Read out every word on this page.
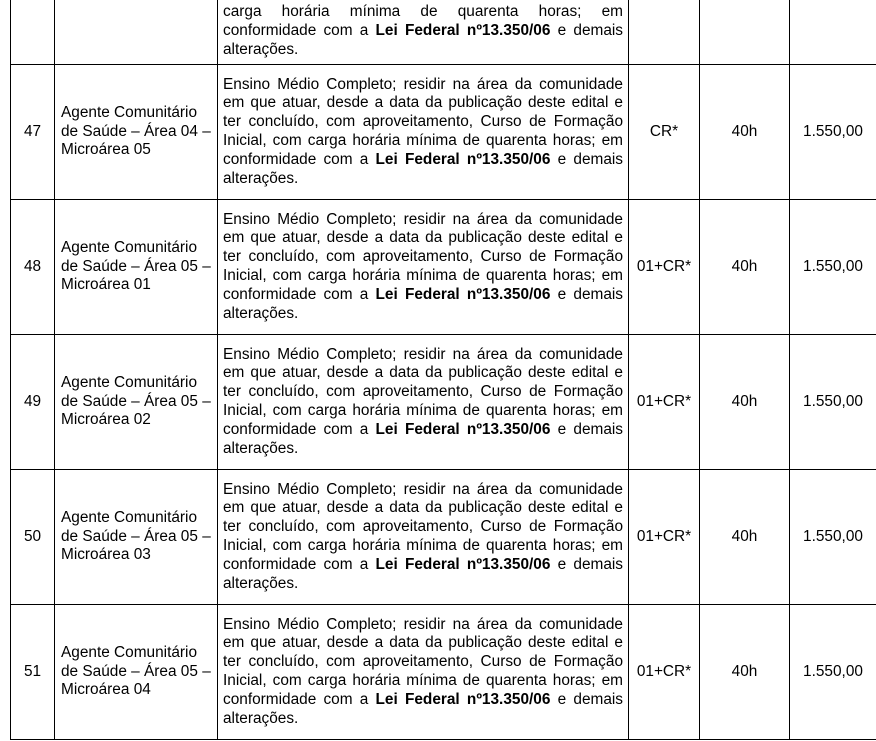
		carga horária mínima de quarenta horas; em conformidade com a Lei Federal nº13.350/06 e demais alterações.			
47	Agente Comunitário de Saúde – Área 04 – Microárea 05	Ensino Médio Completo; residir na área da comunidade em que atuar, desde a data da publicação deste edital e ter concluído, com aproveitamento, Curso de Formação Inicial, com carga horária mínima de quarenta horas; em conformidade com a Lei Federal nº13.350/06 e demais alterações.	CR*	40h	1.550,00
48	Agente Comunitário de Saúde – Área 05 – Microárea 01	Ensino Médio Completo; residir na área da comunidade em que atuar, desde a data da publicação deste edital e ter concluído, com aproveitamento, Curso de Formação Inicial, com carga horária mínima de quarenta horas; em conformidade com a Lei Federal nº13.350/06 e demais alterações.	01+CR*	40h	1.550,00
49	Agente Comunitário de Saúde – Área 05 – Microárea 02	Ensino Médio Completo; residir na área da comunidade em que atuar, desde a data da publicação deste edital e ter concluído, com aproveitamento, Curso de Formação Inicial, com carga horária mínima de quarenta horas; em conformidade com a Lei Federal nº13.350/06 e demais alterações.	01+CR*	40h	1.550,00
50	Agente Comunitário de Saúde – Área 05 – Microárea 03	Ensino Médio Completo; residir na área da comunidade em que atuar, desde a data da publicação deste edital e ter concluído, com aproveitamento, Curso de Formação Inicial, com carga horária mínima de quarenta horas; em conformidade com a Lei Federal nº13.350/06 e demais alterações.	01+CR*	40h	1.550,00
51	Agente Comunitário de Saúde – Área 05 – Microárea 04	Ensino Médio Completo; residir na área da comunidade em que atuar, desde a data da publicação deste edital e ter concluído, com aproveitamento, Curso de Formação Inicial, com carga horária mínima de quarenta horas; em conformidade com a Lei Federal nº13.350/06 e demais alterações.	01+CR*	40h	1.550,00
